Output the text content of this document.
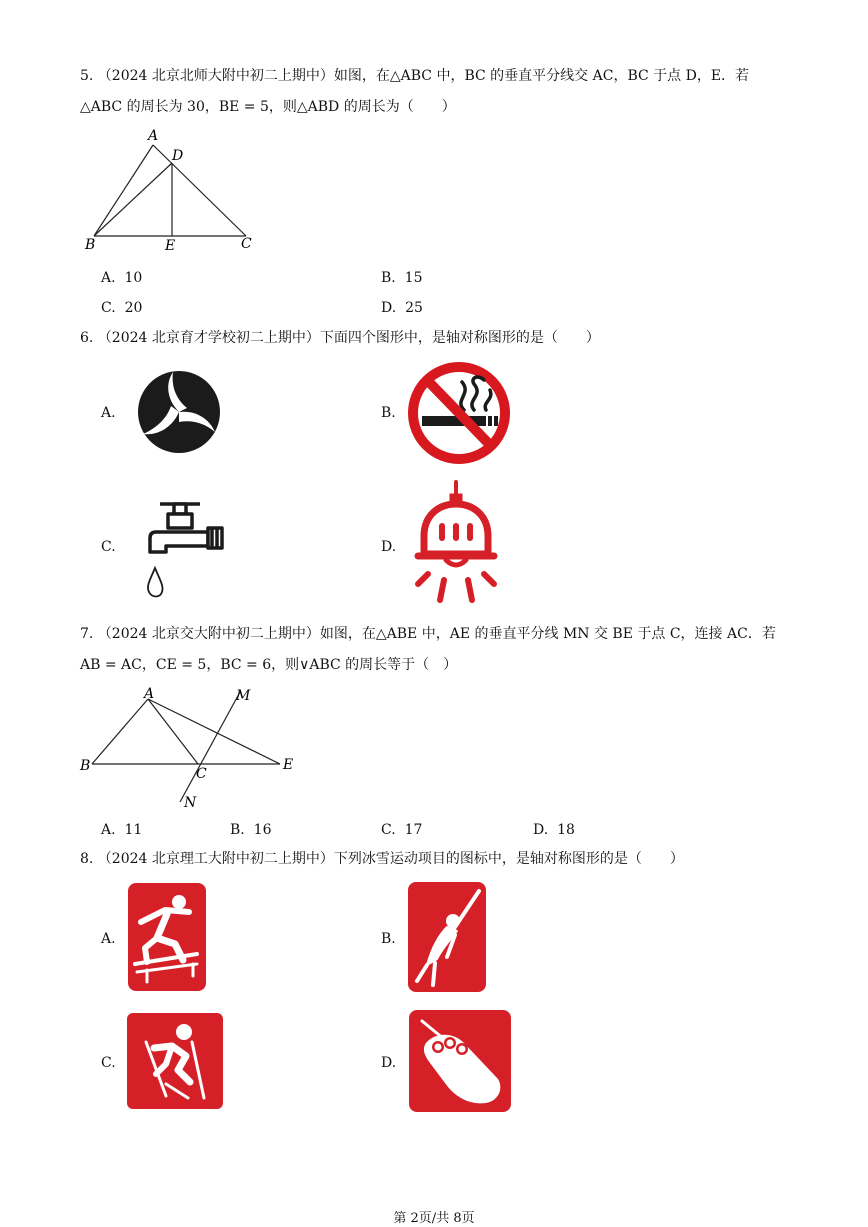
5. （2024 北京北师大附中初二上期中）如图，在△ABC 中，BC 的垂直平分线交 AC，BC 于点 D，E．若
△ABC 的周长为 30，BE = 5，则△ABD 的周长为（　　）
A
D
B	E	C
A. 10	B. 15
C. 20	D. 25
6. （2024 北京育才学校初二上期中）下面四个图形中，是轴对称图形的是（　　）
A.	B.
C.	D.
7. （2024 北京交大附中初二上期中）如图，在△ABE 中，AE 的垂直平分线 MN 交 BE 于点 C，连接 AC．若
AB = AC，CE = 5，BC = 6，则∨ABC 的周长等于（　）
A	M
B	C
E
N
A. 11	B. 16	C. 17	D. 18
8. （2024 北京理工大附中初二上期中）下列冰雪运动项目的图标中，是轴对称图形的是（　　）
A.	B.
C.	D.
第 2页/共 8页
